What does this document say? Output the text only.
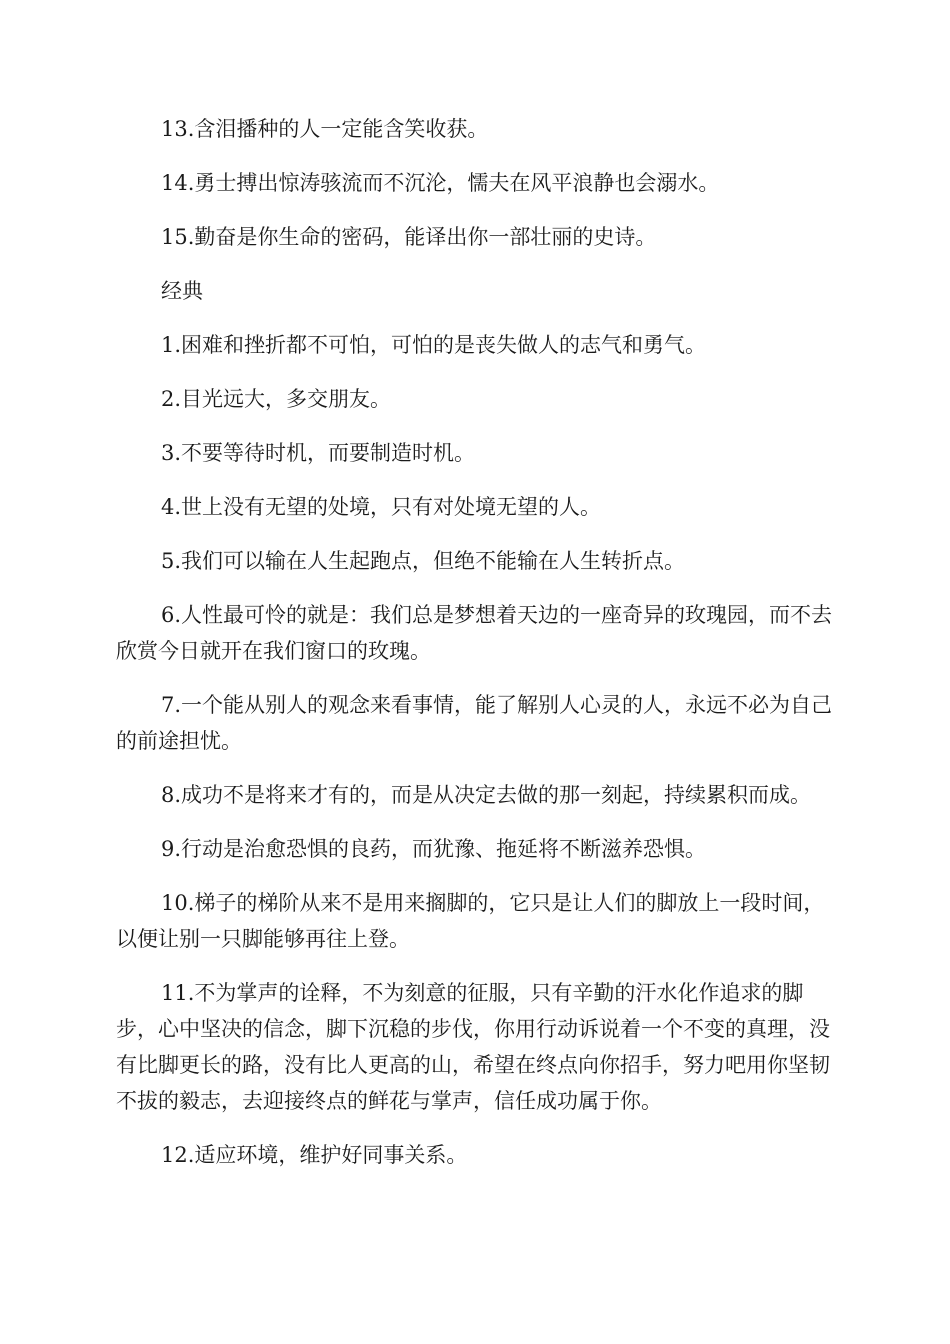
13.含泪播种的人一定能含笑收获。

14.勇士搏出惊涛骇流而不沉沦，懦夫在风平浪静也会溺水。

15.勤奋是你生命的密码，能译出你一部壮丽的史诗。

经典

1.困难和挫折都不可怕，可怕的是丧失做人的志气和勇气。

2.目光远大，多交朋友。

3.不要等待时机，而要制造时机。

4.世上没有无望的处境，只有对处境无望的人。

5.我们可以输在人生起跑点，但绝不能输在人生转折点。

6.人性最可怜的就是：我们总是梦想着天边的一座奇异的玫瑰园，而不去欣赏今日就开在我们窗口的玫瑰。

7.一个能从别人的观念来看事情，能了解别人心灵的人，永远不必为自己的前途担忧。

8.成功不是将来才有的，而是从决定去做的那一刻起，持续累积而成。

9.行动是治愈恐惧的良药，而犹豫、拖延将不断滋养恐惧。

10.梯子的梯阶从来不是用来搁脚的，它只是让人们的脚放上一段时间，以便让别一只脚能够再往上登。

11.不为掌声的诠释，不为刻意的征服，只有辛勤的汗水化作追求的脚步，心中坚决的信念，脚下沉稳的步伐，你用行动诉说着一个不变的真理，没有比脚更长的路，没有比人更高的山，希望在终点向你招手，努力吧用你坚韧不拔的毅志，去迎接终点的鲜花与掌声，信任成功属于你。

12.适应环境，维护好同事关系。
